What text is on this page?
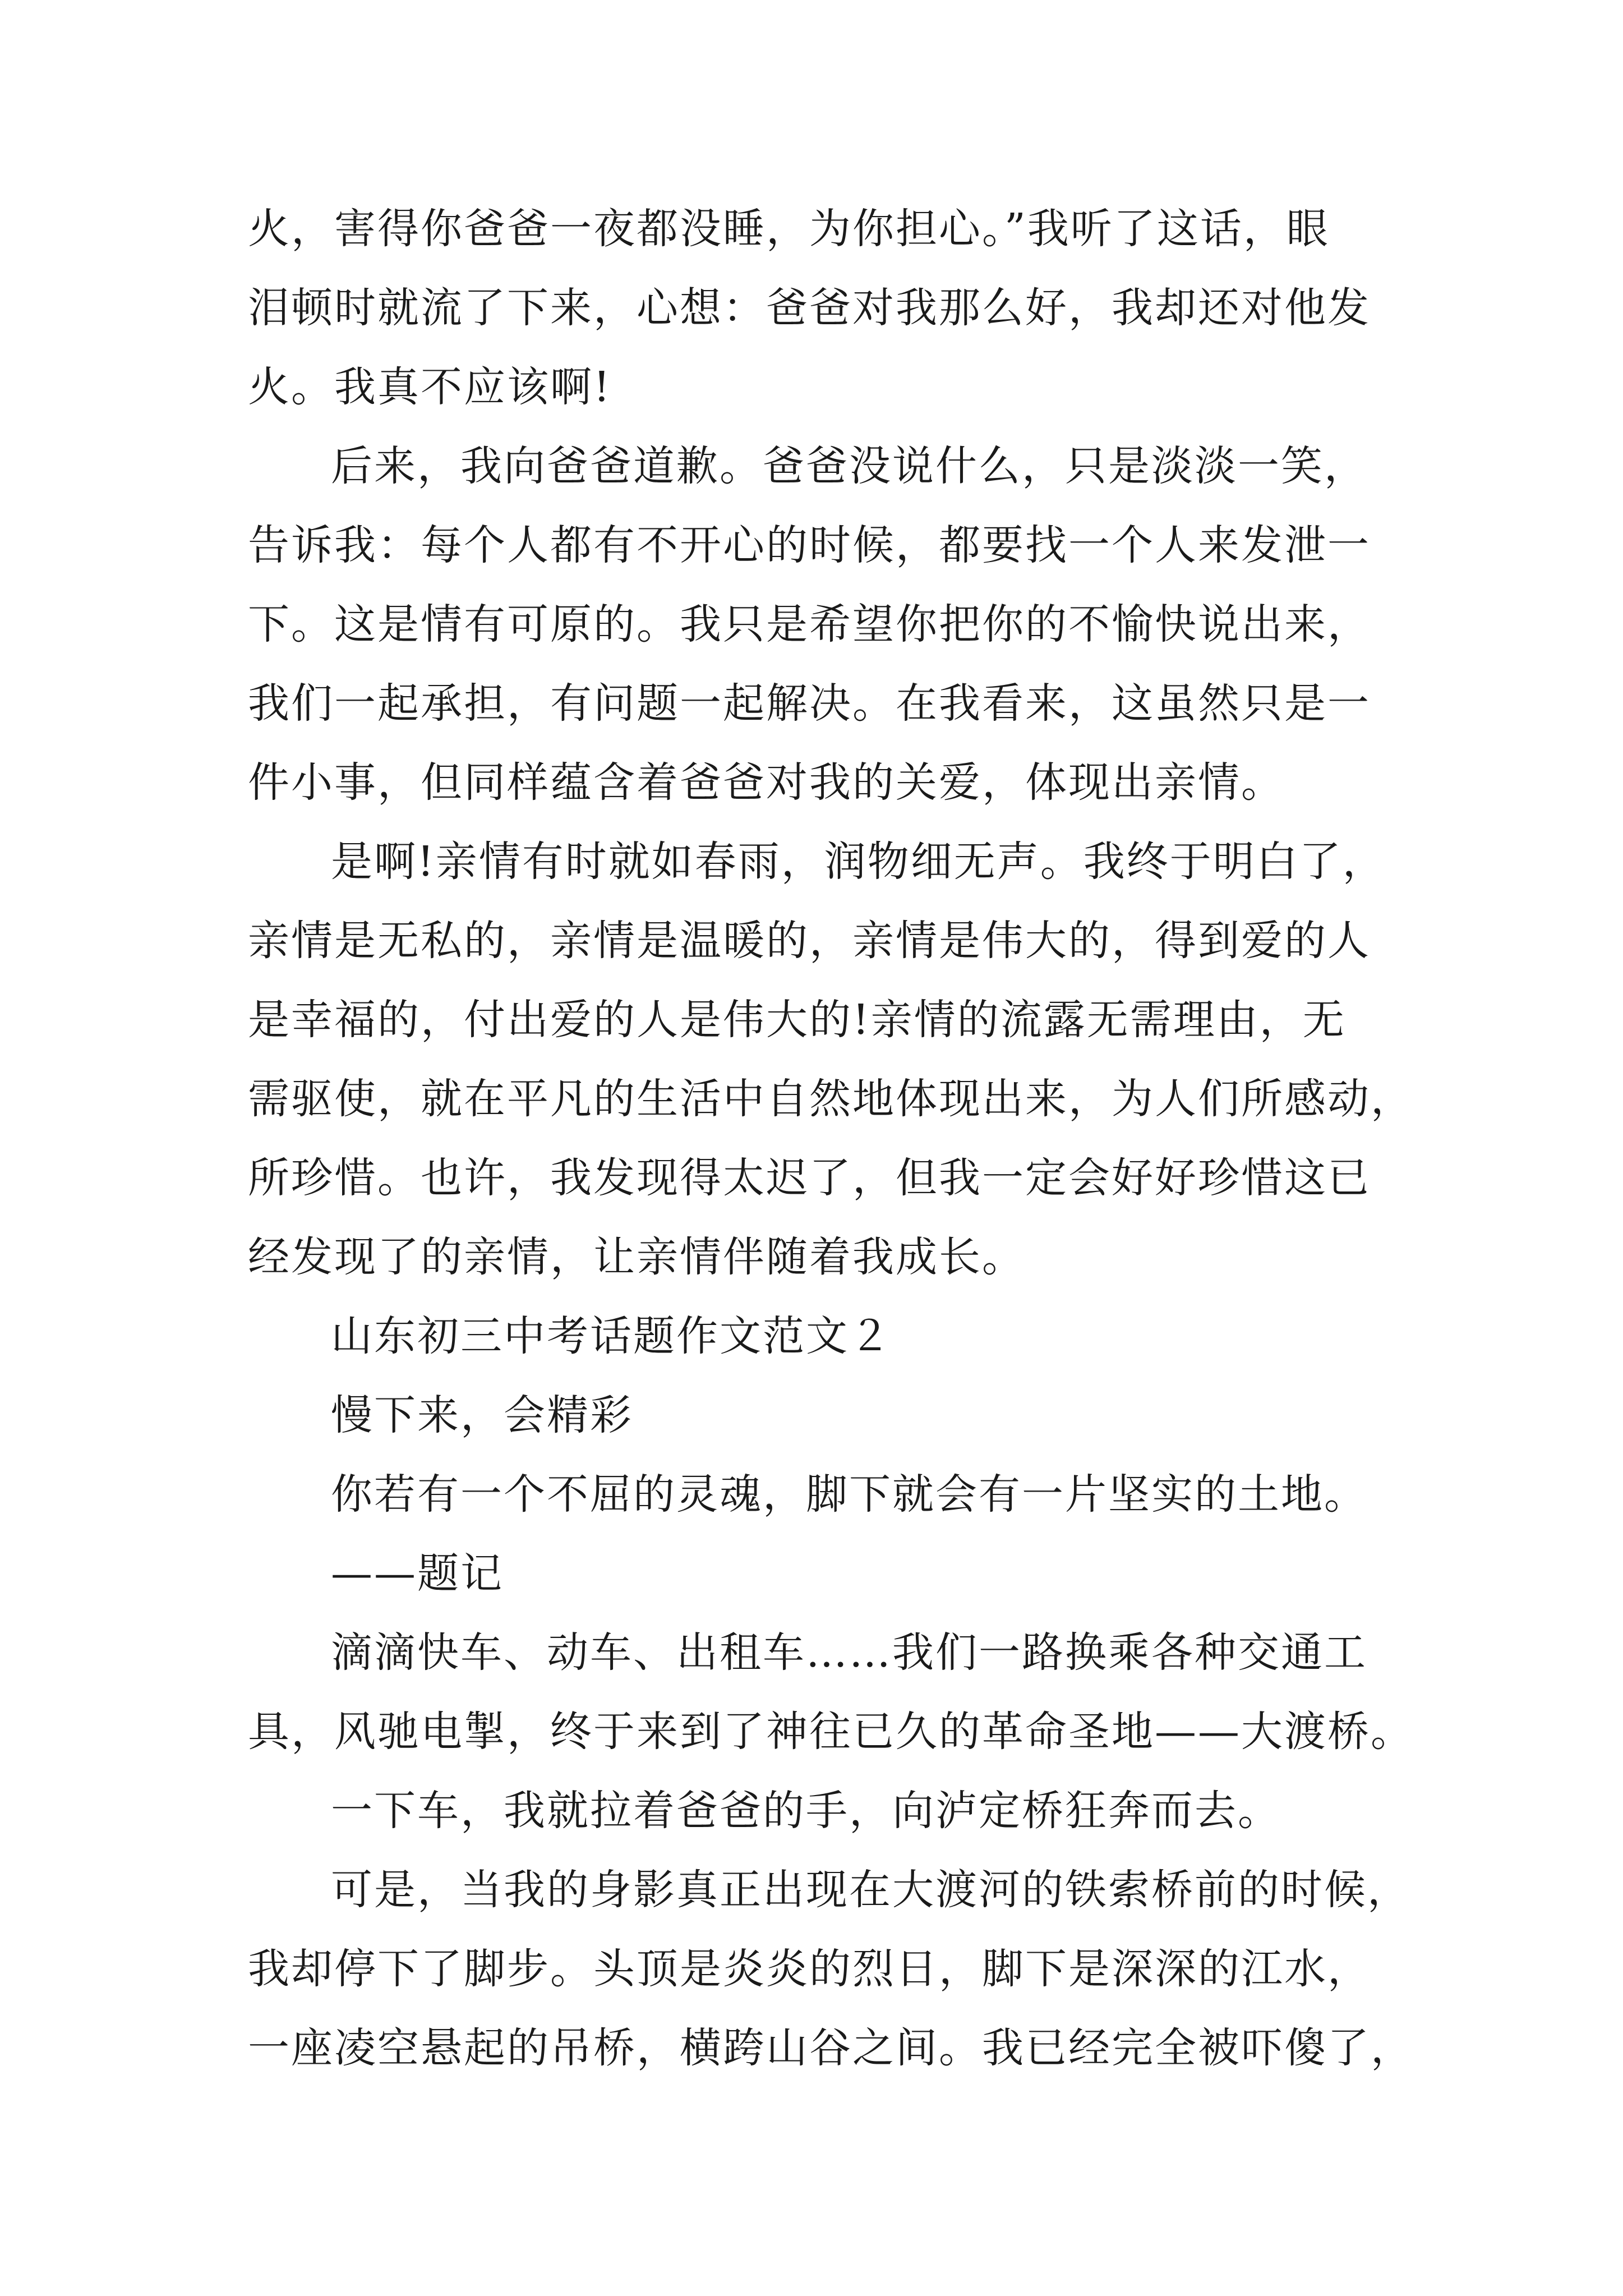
火，害得你爸爸一夜都没睡，为你担心。”我听了这话，眼
泪顿时就流了下来，心想：爸爸对我那么好，我却还对他发
火。我真不应该啊!
后来，我向爸爸道歉。爸爸没说什么，只是淡淡一笑，
告诉我：每个人都有不开心的时候，都要找一个人来发泄一
下。这是情有可原的。我只是希望你把你的不愉快说出来，
我们一起承担，有问题一起解决。在我看来，这虽然只是一
件小事，但同样蕴含着爸爸对我的关爱，体现出亲情。
是啊!亲情有时就如春雨，润物细无声。我终于明白了，
亲情是无私的，亲情是温暖的，亲情是伟大的，得到爱的人
是幸福的，付出爱的人是伟大的!亲情的流露无需理由，无
需驱使，就在平凡的生活中自然地体现出来，为人们所感动，
所珍惜。也许，我发现得太迟了，但我一定会好好珍惜这已
经发现了的亲情，让亲情伴随着我成长。
山东初三中考话题作文范文２
慢下来，会精彩
你若有一个不屈的灵魂，脚下就会有一片坚实的土地。
——题记
滴滴快车、动车、出租车……我们一路换乘各种交通工
具，风驰电掣，终于来到了神往已久的革命圣地——大渡桥。
一下车，我就拉着爸爸的手，向泸定桥狂奔而去。
可是，当我的身影真正出现在大渡河的铁索桥前的时候，
我却停下了脚步。头顶是炎炎的烈日，脚下是深深的江水，
一座凌空悬起的吊桥，横跨山谷之间。我已经完全被吓傻了，
